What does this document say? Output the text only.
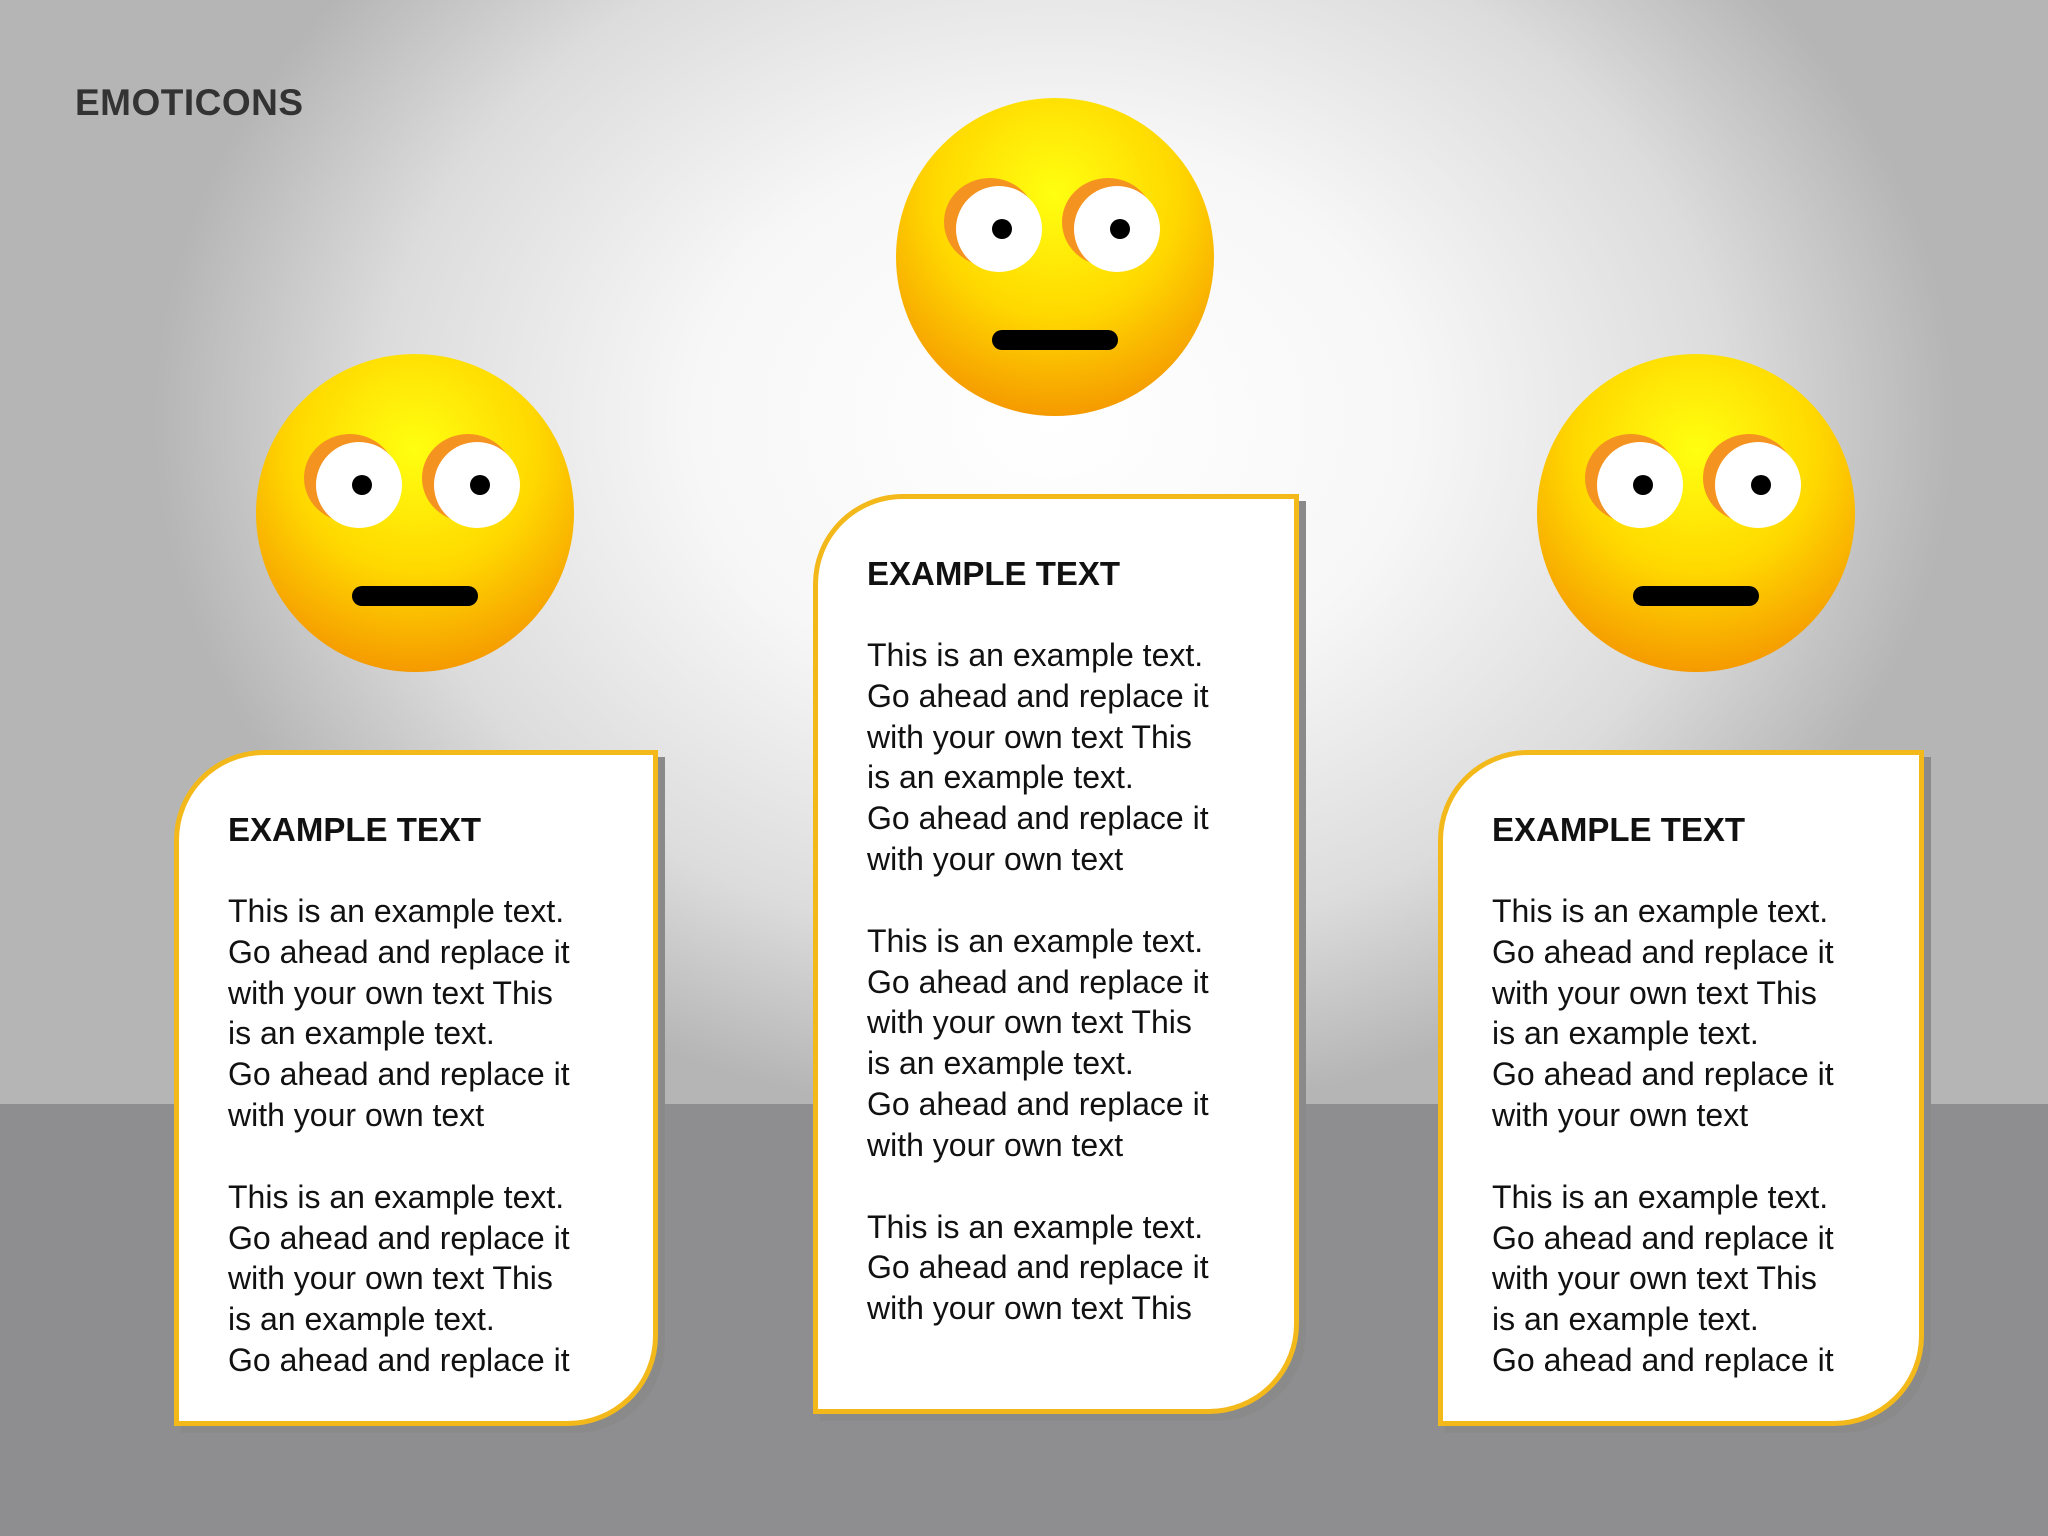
EMOTICONS
EXAMPLE TEXT

This is an example text.
Go ahead and replace it
with your own text This
is an example text.
Go ahead and replace it
with your own text

This is an example text.
Go ahead and replace it
with your own text This
is an example text.
Go ahead and replace it

EXAMPLE TEXT

This is an example text.
Go ahead and replace it
with your own text This
is an example text.
Go ahead and replace it
with your own text

This is an example text.
Go ahead and replace it
with your own text This
is an example text.
Go ahead and replace it
with your own text

This is an example text.
Go ahead and replace it
with your own text This

EXAMPLE TEXT

This is an example text.
Go ahead and replace it
with your own text This
is an example text.
Go ahead and replace it
with your own text

This is an example text.
Go ahead and replace it
with your own text This
is an example text.
Go ahead and replace it
